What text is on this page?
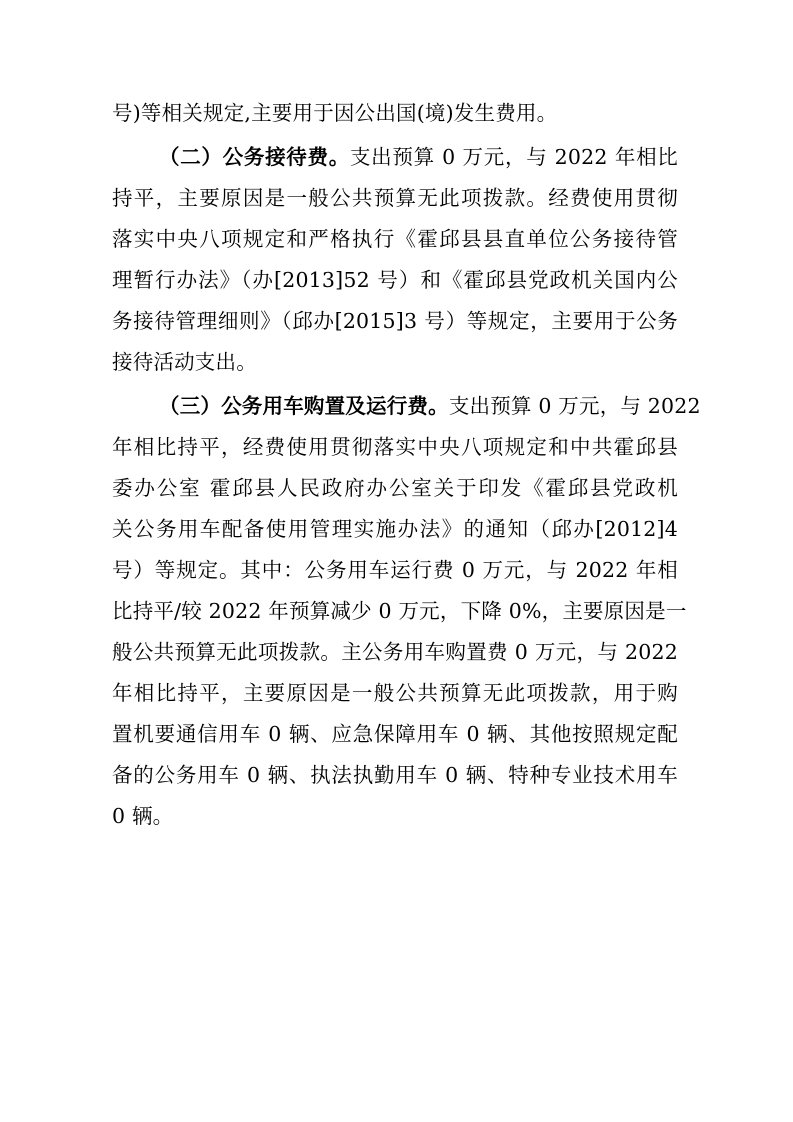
号)等相关规定,主要用于因公出国(境)发生费用。
（二）公务接待费。支出预算 0 万元，与 2022 年相比
持平，主要原因是一般公共预算无此项拨款。经费使用贯彻
落实中央八项规定和严格执行《霍邱县县直单位公务接待管
理暂行办法》（办[2013]52 号）和《霍邱县党政机关国内公
务接待管理细则》（邱办[2015]3 号）等规定，主要用于公务
接待活动支出。
（三）公务用车购置及运行费。支出预算 0 万元，与 2022
年相比持平，经费使用贯彻落实中央八项规定和中共霍邱县
委办公室 霍邱县人民政府办公室关于印发《霍邱县党政机
关公务用车配备使用管理实施办法》的通知（邱办[2012]4
号）等规定。其中：公务用车运行费 0 万元，与 2022 年相
比持平/较 2022 年预算减少 0 万元，下降 0%，主要原因是一
般公共预算无此项拨款。主公务用车购置费 0 万元，与 2022
年相比持平，主要原因是一般公共预算无此项拨款，用于购
置机要通信用车 0 辆、应急保障用车 0 辆、其他按照规定配
备的公务用车 0 辆、执法执勤用车 0 辆、特种专业技术用车
0 辆。
